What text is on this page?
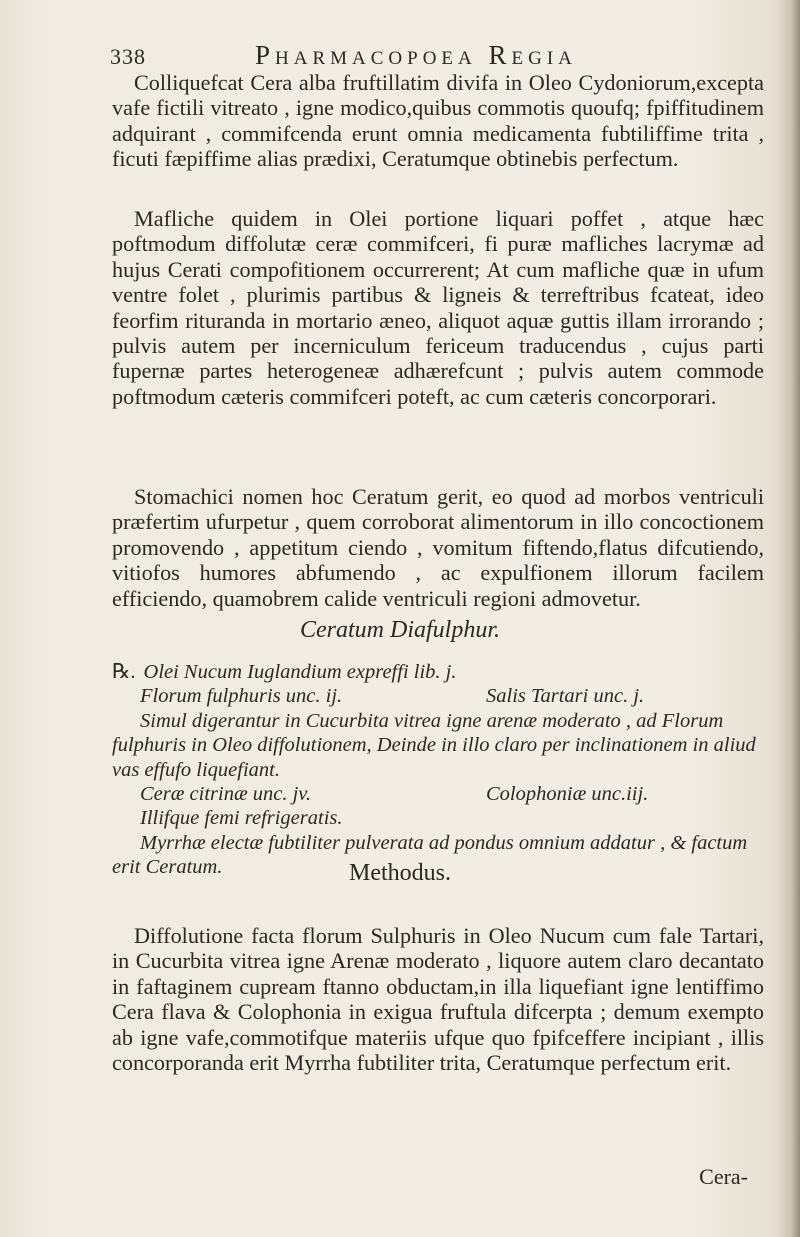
338	Pharmacopoea Regia
Colliquefcat Cera alba fruftillatim divifa in Oleo Cydoniorum,excepta vafe fictili vitreato , igne modico,quibus commotis quoufq; fpiffitudinem adquirant , commifcenda erunt omnia medicamenta fubtiliffime trita , ficuti fæpiffime alias prædixi, Ceratumque obtinebis perfectum.
Mafliche quidem in Olei portione liquari poffet , atque hæc poftmodum diffolutæ ceræ commifceri, fi puræ mafliches lacrymæ ad hujus Cerati compofitionem occurrerent; At cum mafliche quæ in ufum ventre folet , plurimis partibus & ligneis & terreftribus fcateat, ideo feorfim rituranda in mortario æneo, aliquot aquæ guttis illam irrorando ; pulvis autem per incerniculum fericeum traducendus , cujus parti fupernæ partes heterogeneæ adhærefcunt ; pulvis autem commode poftmodum cæteris commifceri poteft, ac cum cæteris concorporari.
Stomachici nomen hoc Ceratum gerit, eo quod ad morbos ventriculi præfertim ufurpetur , quem corroborat alimentorum in illo concoctionem promovendo , appetitum ciendo , vomitum fiftendo,flatus difcutiendo, vitiofos humores abfumendo , ac expulfionem illorum facilem efficiendo, quamobrem calide ventriculi regioni admovetur.
Ceratum Diafulphur.
℞. Olei Nucum Iuglandium expreffi lib. j.
Florum fulphuris unc. ij.	Salis Tartari unc. j.
Simul digerantur in Cucurbita vitrea igne arenæ moderato , ad Florum
fulphuris in Oleo diffolutionem, Deinde in illo claro per inclinationem in aliud
vas effufo liquefiant.
Ceræ citrinæ unc. jv.	Colophoniæ unc.iij.
Illifque femi refrigeratis.
Myrrhæ electæ fubtiliter pulverata ad pondus omnium addatur , & factum
erit Ceratum.	Methodus.
Diffolutione facta florum Sulphuris in Oleo Nucum cum fale Tartari, in Cucurbita vitrea igne Arenæ moderato , liquore autem claro decantato in faftaginem cupream ftanno obductam,in illa liquefiant igne lentiffimo Cera flava & Colophonia in exigua fruftula difcerpta ; demum exempto ab igne vafe,commotifque materiis ufque quo fpifceffere incipiant , illis concorporanda erit Myrrha fubtiliter trita, Ceratumque perfectum erit.
Cera-
